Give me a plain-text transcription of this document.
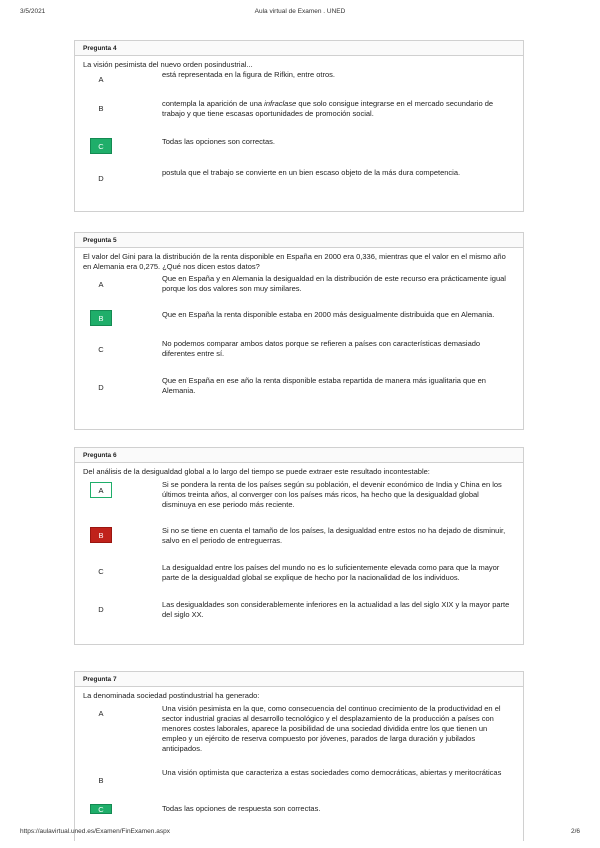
3/5/2021	Aula virtual de Examen . UNED
Pregunta 4
La visión pesimista del nuevo orden posindustrial...
A
está representada en la figura de Rifkin, entre otros.
B
contempla la aparición de una infraclase que solo consigue integrarse en el mercado secundario de trabajo y que tiene escasas oportunidades de promoción social.
C
Todas las opciones son correctas.
D
postula que el trabajo se convierte en un bien escaso objeto de la más dura competencia.
Pregunta 5
El valor del Gini para la distribución de la renta disponible en España en 2000 era 0,336, mientras que el valor en el mismo año en Alemania era 0,275. ¿Qué nos dicen estos datos?
A
Que en España y en Alemania la desigualdad en la distribución de este recurso era prácticamente igual porque los dos valores son muy similares.
B	Que en España la renta disponible estaba en 2000 más desigualmente distribuida que en Alemania.
C
No podemos comparar ambos datos porque se refieren a países con características demasiado diferentes entre sí.
D
Que en España en ese año la renta disponible estaba repartida de manera más igualitaria que en Alemania.
Pregunta 6
Del análisis de la desigualdad global a lo largo del tiempo se puede extraer este resultado incontestable:
A
Si se pondera la renta de los países según su población, el devenir económico de India y China en los últimos treinta años, al converger con los países más ricos, ha hecho que la desigualdad global disminuya en ese periodo más reciente.
B
Si no se tiene en cuenta el tamaño de los países, la desigualdad entre estos no ha dejado de disminuir, salvo en el periodo de entreguerras.
C	La desigualdad entre los países del mundo no es lo suficientemente elevada como para que la mayor parte de la desigualdad global se explique de hecho por la nacionalidad de los individuos.
D
Las desigualdades son considerablemente inferiores en la actualidad a las del siglo XIX y la mayor parte del siglo XX.
Pregunta 7
La denominada sociedad postindustrial ha generado:
A
Una visión pesimista en la que, como consecuencia del continuo crecimiento de la productividad en el sector industrial gracias al desarrollo tecnológico y el desplazamiento de la producción a países con menores costes laborales, aparece la posibilidad de una sociedad dividida entre los que tienen un empleo y un ejército de reserva compuesto por jóvenes, parados de larga duración y jubilados anticipados.
B
Una visión optimista que caracteriza a estas sociedades como democráticas, abiertas y meritocráticas
C	Todas las opciones de respuesta son correctas.
https://aulavirtual.uned.es/Examen/FinExamen.aspx	2/6
